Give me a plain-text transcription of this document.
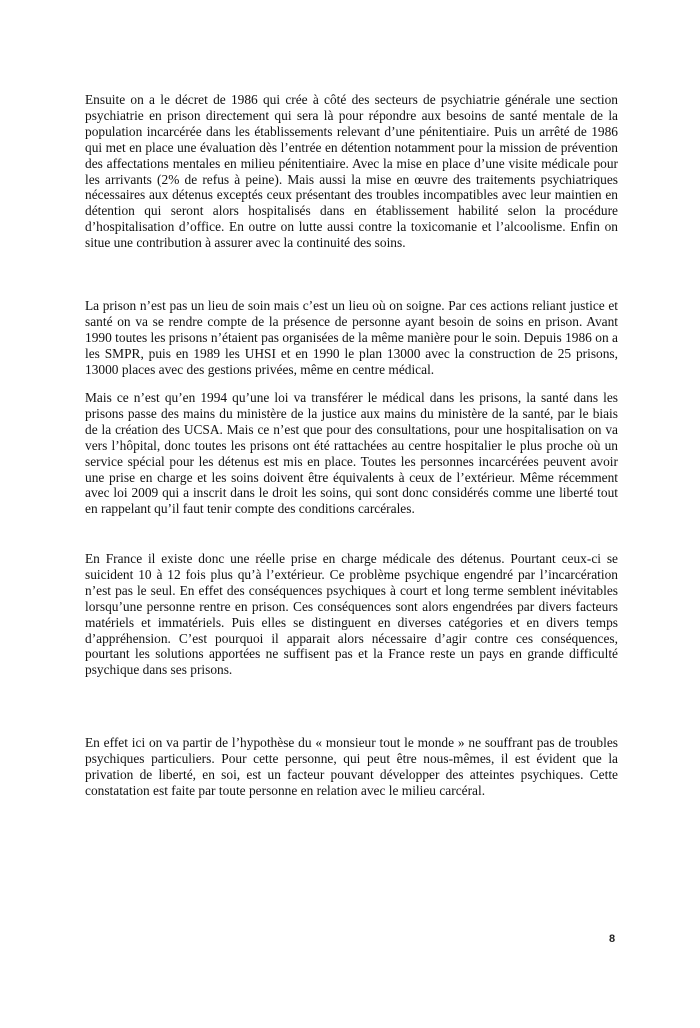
Ensuite on a le décret de 1986 qui crée à côté des secteurs de psychiatrie générale une section psychiatrie en prison directement qui sera là pour répondre aux besoins de santé mentale de la population incarcérée dans les établissements relevant d’une pénitentiaire. Puis un arrêté de 1986 qui met en place une évaluation dès l’entrée en détention notamment pour la mission de prévention des affectations mentales en milieu pénitentiaire. Avec la mise en place d’une visite médicale pour les arrivants (2% de refus à peine). Mais aussi la mise en œuvre des traitements psychiatriques nécessaires aux détenus exceptés ceux présentant des troubles incompatibles avec leur maintien en détention qui seront alors hospitalisés dans en établissement habilité selon la procédure d’hospitalisation d’office. En outre on lutte aussi contre la toxicomanie et l’alcoolisme. Enfin on situe une contribution à assurer avec la continuité des soins.

La prison n’est pas un lieu de soin mais c’est un lieu où on soigne. Par ces actions reliant justice et santé on va se rendre compte de la présence de personne ayant besoin de soins en prison. Avant 1990 toutes les prisons n’étaient pas organisées de la même manière pour le soin. Depuis 1986 on a les SMPR, puis en 1989 les UHSI et en 1990 le plan 13000 avec la construction de 25 prisons, 13000 places avec des gestions privées, même en centre médical.

Mais ce n’est qu’en 1994 qu’une loi va transférer le médical dans les prisons, la santé dans les prisons passe des mains du ministère de la justice aux mains du ministère de la santé, par le biais de la création des UCSA. Mais ce n’est que pour des consultations, pour une hospitalisation on va vers l’hôpital, donc toutes les prisons ont été rattachées au centre hospitalier le plus proche où un service spécial pour les détenus est mis en place. Toutes les personnes incarcérées peuvent avoir une prise en charge et les soins doivent être équivalents à ceux de l’extérieur. Même récemment avec loi 2009 qui a inscrit dans le droit les soins, qui sont donc considérés comme une liberté tout en rappelant qu’il faut tenir compte des conditions carcérales.

En France il existe donc une réelle prise en charge médicale des détenus. Pourtant ceux-ci se suicident 10 à 12 fois plus qu’à l’extérieur. Ce problème psychique engendré par l’incarcération n’est pas le seul. En effet des conséquences psychiques à court et long terme semblent inévitables lorsqu’une personne rentre en prison. Ces conséquences sont alors engendrées par divers facteurs matériels et immatériels. Puis elles se distinguent en diverses catégories et en divers temps d’appréhension. C’est pourquoi il apparait alors nécessaire d’agir contre ces conséquences, pourtant les solutions apportées ne suffisent pas et la France reste un pays en grande difficulté psychique dans ses prisons.

En effet ici on va partir de l’hypothèse du « monsieur tout le monde » ne souffrant pas de troubles psychiques particuliers. Pour cette personne, qui peut être nous-mêmes, il est évident que la privation de liberté, en soi, est un facteur pouvant développer des atteintes psychiques. Cette constatation est faite par toute personne en relation avec le milieu carcéral.

8
